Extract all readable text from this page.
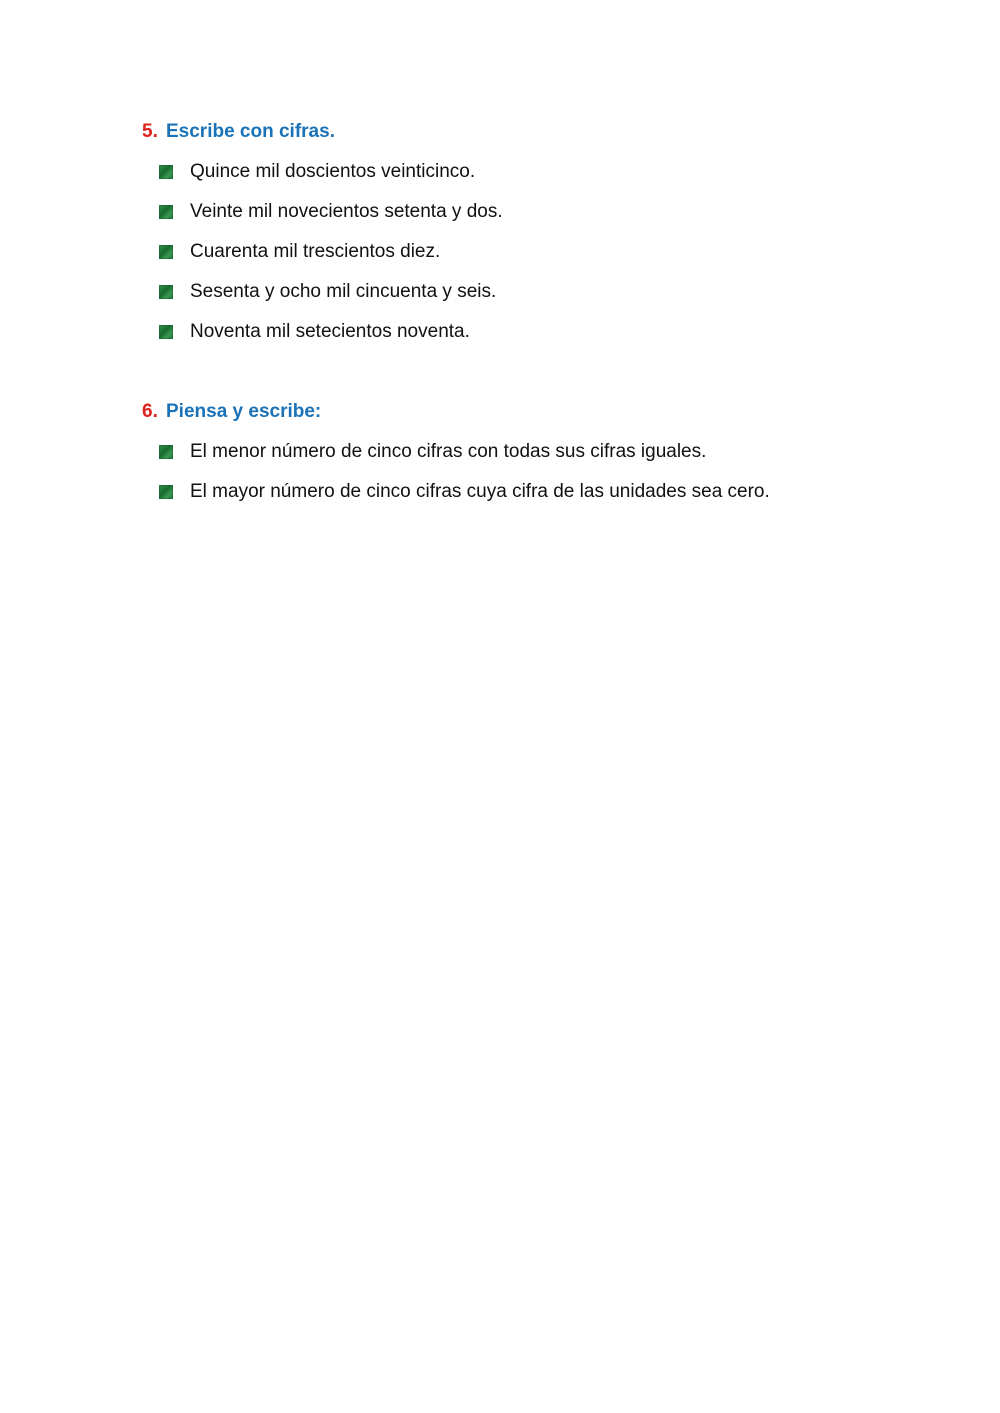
5. Escribe con cifras.
Quince mil doscientos veinticinco.
Veinte mil novecientos setenta y dos.
Cuarenta mil trescientos diez.
Sesenta y ocho mil cincuenta y seis.
Noventa mil setecientos noventa.
6. Piensa y escribe:
El menor número de cinco cifras con todas sus cifras iguales.
El mayor número de cinco cifras cuya cifra de las unidades sea cero.
